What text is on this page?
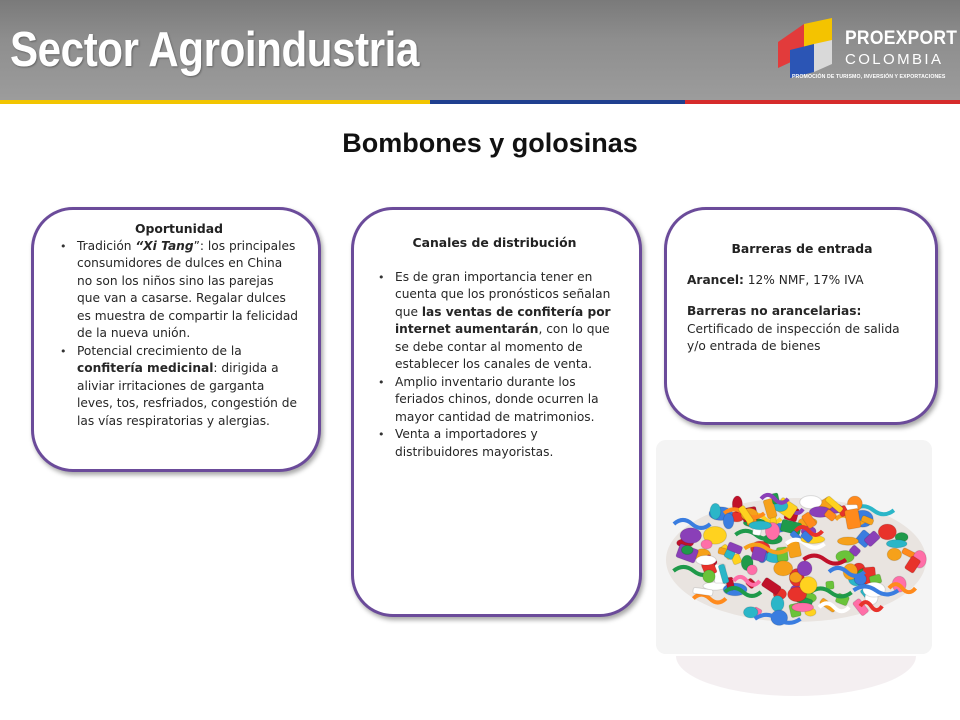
Sector Agroindustria	PROEXPORT
COLOMBIA
PROMOCIÓN DE TURISMO, INVERSIÓN Y EXPORTACIONES
Bombones y golosinas
Oportunidad
• Tradición “Xi Tang”: los principales consumidores de dulces en China no son los niños sino las parejas que van a casarse. Regalar dulces es muestra de compartir la felicidad de la nueva unión.
• Potencial crecimiento de la confitería medicinal: dirigida a aliviar irritaciones de garganta leves, tos, resfriados, congestión de las vías respiratorias y alergias.
Canales de distribución
• Es de gran importancia tener en cuenta que los pronósticos señalan que las ventas de confitería por internet aumentarán, con lo que se debe contar al momento de establecer los canales de venta.
• Amplio inventario durante los feriados chinos, donde ocurren la mayor cantidad de matrimonios.
• Venta a importadores y distribuidores mayoristas.
Barreras de entrada

Arancel: 12% NMF, 17% IVA

Barreras no arancelarias:
Certificado de inspección de salida y/o entrada de bienes
